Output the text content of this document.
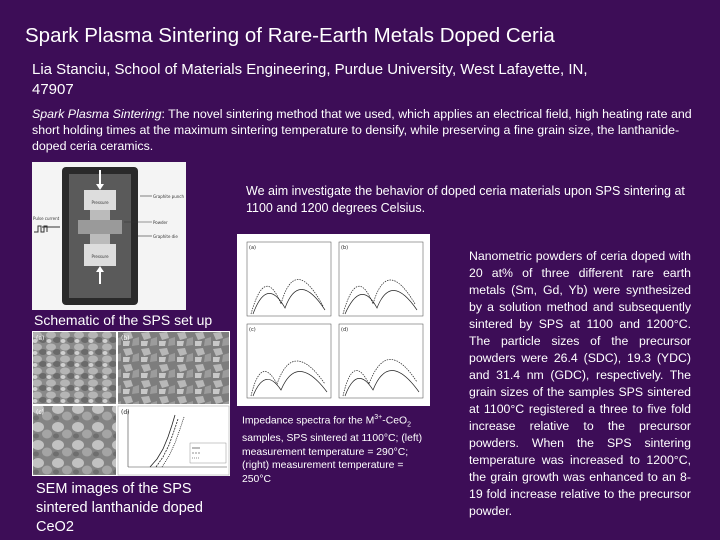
Spark Plasma Sintering of Rare-Earth Metals Doped Ceria
Lia Stanciu, School of Materials Engineering, Purdue University, West Lafayette, IN, 47907
Spark Plasma Sintering: The novel sintering method that we used, which applies an electrical field, high heating rate and short holding times at the maximum sintering temperature to densify, while preserving a fine grain size, the lanthanide-doped ceria ceramics.
We aim investigate the behavior of doped ceria materials upon SPS sintering at 1100 and 1200 degrees Celsius.
Pressure
Graphite punch
Powder
Graphite die
Pulse current
Pressure
Schematic of the SPS set up
(a)	(b)
(c)	(d)
SEM images of the SPS sintered lanthanide doped CeO2
(a)	(b)
(c)	(d)
Impedance spectra for the $M^{3+}-CeO_2$ samples, SPS sintered at 1100°C; (left) measurement temperature = 290°C; (right) measurement temperature = 250°C
Nanometric powders of ceria doped with 20 at% of three different rare earth metals (Sm, Gd, Yb) were synthesized by a solution method and subsequently sintered by SPS at 1100 and 1200°C. The particle sizes of the precursor powders were 26.4 (SDC), 19.3 (YDC) and 31.4 nm (GDC), respectively. The grain sizes of the samples SPS sintered at 1100°C registered a three to five fold increase relative to the precursor powders. When the SPS sintering temperature was increased to 1200°C, the grain growth was enhanced to an 8-19 fold increase relative to the precursor powder.
